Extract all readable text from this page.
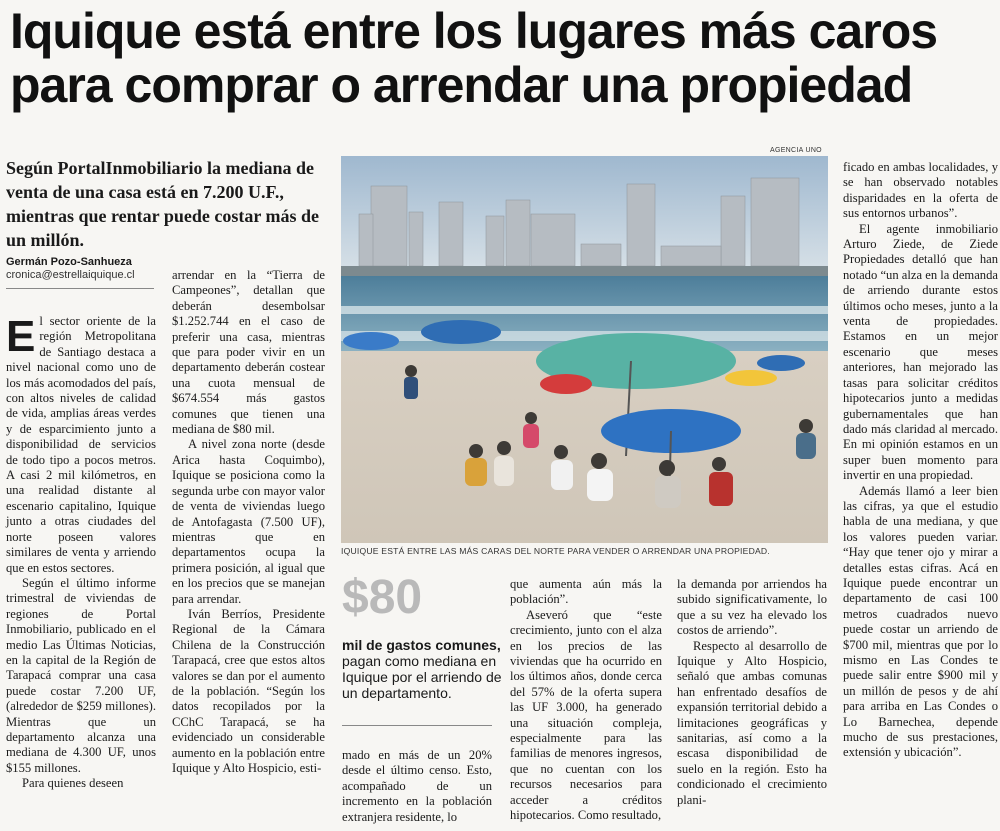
Iquique está entre los lugares más caros para comprar o arrendar una propiedad

Según PortalInmobiliario la mediana de venta de una casa está en 7.200 U.F., mientras que rentar puede costar más de un millón.

Germán Pozo-Sanhueza
cronica@estrellaiquique.cl

El sector oriente de la región Metropolitana de Santiago destaca a nivel nacional como uno de los más acomodados del país, con altos niveles de calidad de vida, amplias áreas verdes y de esparcimiento junto a disponibilidad de servicios de todo tipo a pocos metros. A casi 2 mil kilómetros, en una realidad distante al escenario capitalino, Iquique junto a otras ciudades del norte poseen valores similares de venta y arriendo que en estos sectores.

Según el último informe trimestral de viviendas de regiones de Portal Inmobiliario, publicado en el medio Las Últimas Noticias, en la capital de la Región de Tarapacá comprar una casa puede costar 7.200 UF, (alrededor de $259 millones). Mientras que un departamento alcanza una mediana de 4.300 UF, unos $155 millones.

Para quienes deseen

arrendar en la “Tierra de Campeones”, detallan que deberán desembolsar $1.252.744 en el caso de preferir una casa, mientras que para poder vivir en un departamento deberán costear una cuota mensual de $674.554 más gastos comunes que tienen una mediana de $80 mil.

A nivel zona norte (desde Arica hasta Coquimbo), Iquique se posiciona como la segunda urbe con mayor valor de venta de viviendas luego de Antofagasta (7.500 UF), mientras que en departamentos ocupa la primera posición, al igual que en los precios que se manejan para arrendar.

Iván Berríos, Presidente Regional de la Cámara Chilena de la Construcción Tarapacá, cree que estos altos valores se dan por el aumento de la población. “Según los datos recopilados por la CChC Tarapacá, se ha evidenciado un considerable aumento en la población entre Iquique y Alto Hospicio, esti-

AGENCIA UNO
IQUIQUE ESTÁ ENTRE LAS MÁS CARAS DEL NORTE PARA VENDER O ARRENDAR UNA PROPIEDAD.
$80
mil de gastos comunes, pagan como mediana en Iquique por el arriendo de un departamento.

mado en más de un 20% desde el último censo. Esto, acompañado de un incremento en la población extranjera residente, lo

que aumenta aún más la población”.

Aseveró que “este crecimiento, junto con el alza en los precios de las viviendas que ha ocurrido en los últimos años, donde cerca del 57% de la oferta supera las UF 3.000, ha generado una situación compleja, especialmente para las familias de menores ingresos, que no cuentan con los recursos necesarios para acceder a créditos hipotecarios. Como resultado,

la demanda por arriendos ha subido significativamente, lo que a su vez ha elevado los costos de arriendo”.

Respecto al desarrollo de Iquique y Alto Hospicio, señaló que ambas comunas han enfrentado desafíos de expansión territorial debido a limitaciones geográficas y sanitarias, así como a la escasa disponibilidad de suelo en la región. Esto ha condicionado el crecimiento plani-

ficado en ambas localidades, y se han observado notables disparidades en la oferta de sus entornos urbanos”.

El agente inmobiliario Arturo Ziede, de Ziede Propiedades detalló que han notado “un alza en la demanda de arriendo durante estos últimos ocho meses, junto a la venta de propiedades. Estamos en un mejor escenario que meses anteriores, han mejorado las tasas para solicitar créditos hipotecarios junto a medidas gubernamentales que han dado más claridad al mercado. En mi opinión estamos en un super buen momento para invertir en una propiedad.

Además llamó a leer bien las cifras, ya que el estudio habla de una mediana, y que los valores pueden variar. “Hay que tener ojo y mirar a detalles estas cifras. Acá en Iquique puede encontrar un departamento de casi 100 metros cuadrados nuevo puede costar un arriendo de $700 mil, mientras que por lo mismo en Las Condes te puede salir entre $900 mil y un millón de pesos y de ahí para arriba en Las Condes o Lo Barnechea, depende mucho de sus prestaciones, extensión y ubicación”.
